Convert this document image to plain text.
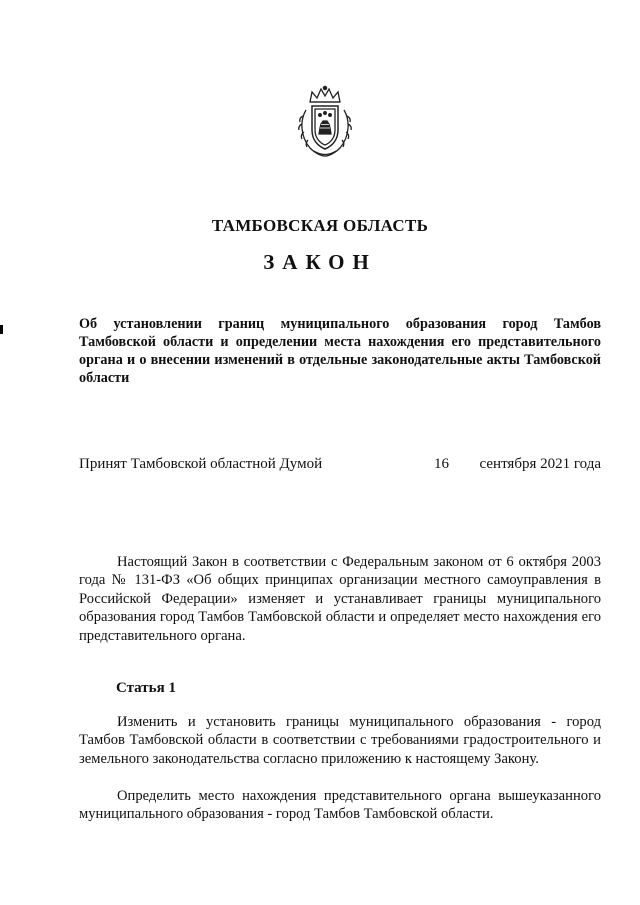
ТАМБОВСКАЯ ОБЛАСТЬ
ЗАКОН
Об установлении границ муниципального образования город Тамбов Тамбовской области и определении места нахождения его представительного органа и о внесении изменений в отдельные законодательные акты Тамбовской области
Принят Тамбовской областной Думой	16 сентября 2021 года

Настоящий Закон в соответствии с Федеральным законом от 6 октября 2003 года № 131-ФЗ «Об общих принципах организации местного самоуправления в Российской Федерации» изменяет и устанавливает границы муниципального образования город Тамбов Тамбовской области и определяет место нахождения его представительного органа.

Статья 1

Изменить и установить границы муниципального образования - город Тамбов Тамбовской области в соответствии с требованиями градостроительного и земельного законодательства согласно приложению к настоящему Закону.

Определить место нахождения представительного органа вышеуказанного муниципального образования - город Тамбов Тамбовской области.
